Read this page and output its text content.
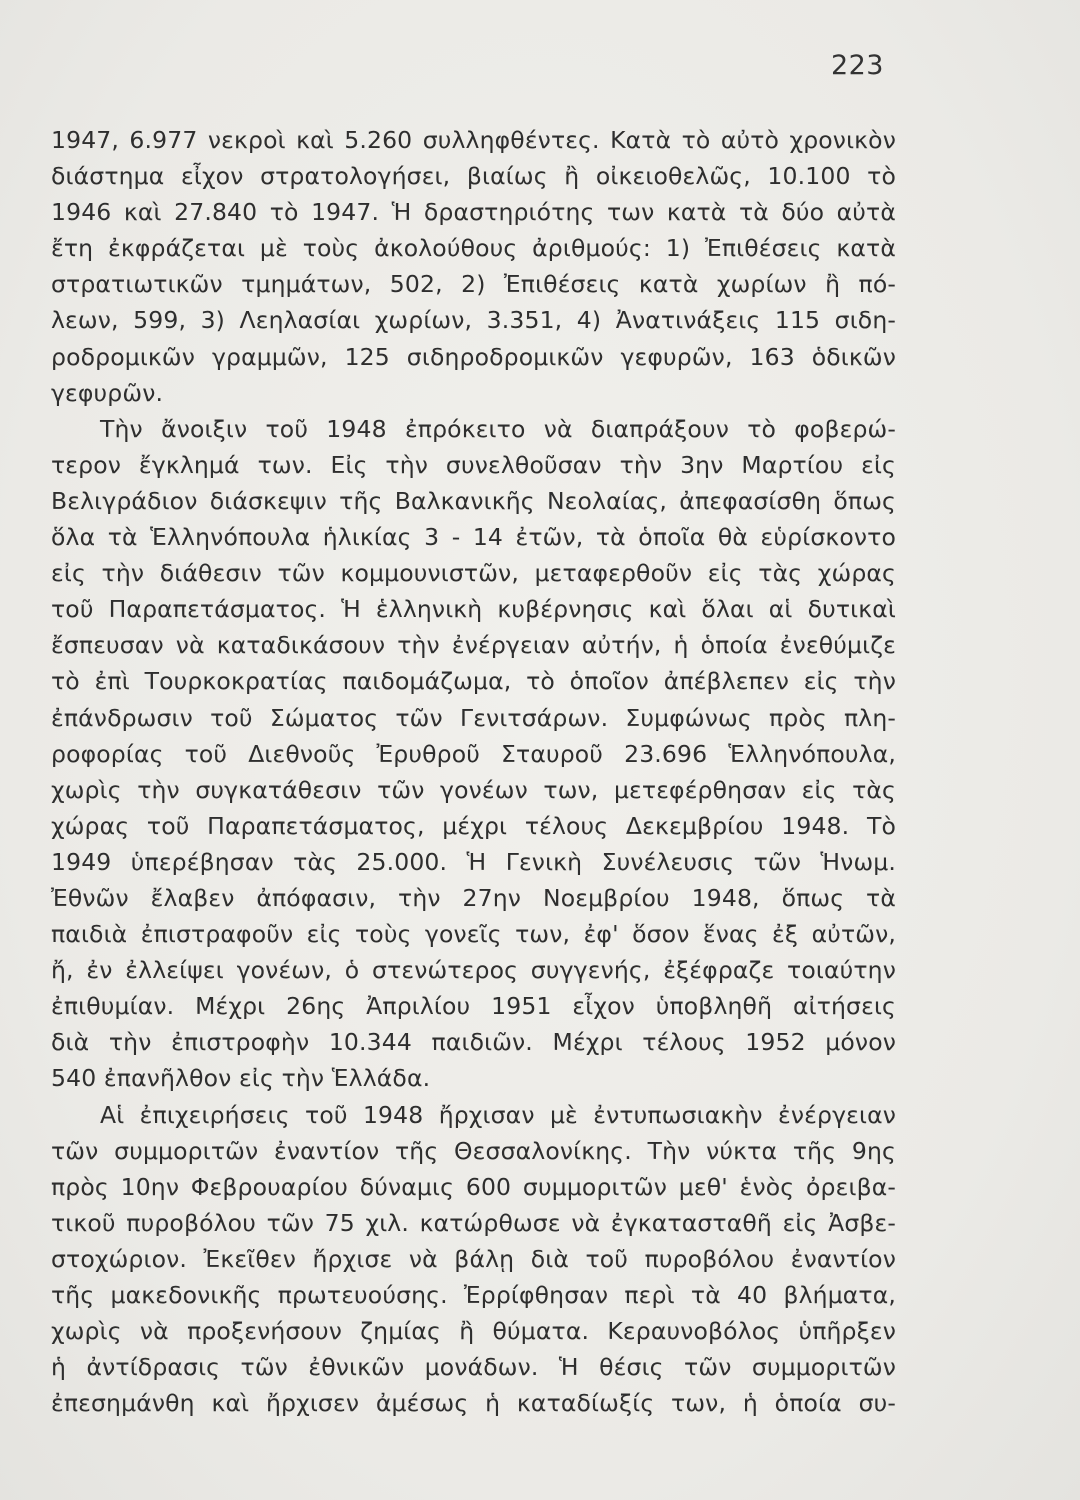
223
1947, 6.977 νεκροὶ καὶ 5.260 συλληφθέντες. Κατὰ τὸ αὐτὸ χρονικὸν
διάστημα εἶχον στρατολογήσει, βιαίως ἢ οἰκειοθελῶς, 10.100 τὸ
1946 καὶ 27.840 τὸ 1947. Ἡ δραστηριότης των κατὰ τὰ δύο αὐτὰ
ἔτη ἐκφράζεται μὲ τοὺς ἀκολούθους ἀριθμούς: 1) Ἐπιθέσεις κατὰ
στρατιωτικῶν τμημάτων, 502, 2) Ἐπιθέσεις κατὰ χωρίων ἢ πό-
λεων, 599, 3) Λεηλασίαι χωρίων, 3.351, 4) Ἀνατινάξεις 115 σιδη-
ροδρομικῶν γραμμῶν, 125 σιδηροδρομικῶν γεφυρῶν, 163 ὁδικῶν
γεφυρῶν.
Τὴν ἄνοιξιν τοῦ 1948 ἐπρόκειτο νὰ διαπράξουν τὸ φοβερώ-
τερον ἔγκλημά των. Εἰς τὴν συνελθοῦσαν τὴν 3ην Μαρτίου εἰς
Βελιγράδιον διάσκεψιν τῆς Βαλκανικῆς Νεολαίας, ἀπεφασίσθη ὅπως
ὅλα τὰ Ἑλληνόπουλα ἡλικίας 3 - 14 ἐτῶν, τὰ ὁποῖα θὰ εὑρίσκοντο
εἰς τὴν διάθεσιν τῶν κομμουνιστῶν, μεταφερθοῦν εἰς τὰς χώρας
τοῦ Παραπετάσματος. Ἡ ἑλληνικὴ κυβέρνησις καὶ ὅλαι αἱ δυτικαὶ
ἔσπευσαν νὰ καταδικάσουν τὴν ἐνέργειαν αὐτήν, ἡ ὁποία ἐνεθύμιζε
τὸ ἐπὶ Τουρκοκρατίας παιδομάζωμα, τὸ ὁποῖον ἀπέβλεπεν εἰς τὴν
ἐπάνδρωσιν τοῦ Σώματος τῶν Γενιτσάρων. Συμφώνως πρὸς πλη-
ροφορίας τοῦ Διεθνοῦς Ἐρυθροῦ Σταυροῦ 23.696 Ἑλληνόπουλα,
χωρὶς τὴν συγκατάθεσιν τῶν γονέων των, μετεφέρθησαν εἰς τὰς
χώρας τοῦ Παραπετάσματος, μέχρι τέλους Δεκεμβρίου 1948. Τὸ
1949 ὑπερέβησαν τὰς 25.000. Ἡ Γενικὴ Συνέλευσις τῶν Ἡνωμ.
Ἐθνῶν ἔλαβεν ἀπόφασιν, τὴν 27ην Νοεμβρίου 1948, ὅπως τὰ
παιδιὰ ἐπιστραφοῦν εἰς τοὺς γονεῖς των, ἐφ' ὅσον ἕνας ἐξ αὐτῶν,
ἤ, ἐν ἐλλείψει γονέων, ὁ στενώτερος συγγενής, ἐξέφραζε τοιαύτην
ἐπιθυμίαν. Μέχρι 26ης Ἀπριλίου 1951 εἶχον ὑποβληθῆ αἰτήσεις
διὰ τὴν ἐπιστροφὴν 10.344 παιδιῶν. Μέχρι τέλους 1952 μόνον
540 ἐπανῆλθον εἰς τὴν Ἑλλάδα.
Αἱ ἐπιχειρήσεις τοῦ 1948 ἤρχισαν μὲ ἐντυπωσιακὴν ἐνέργειαν
τῶν συμμοριτῶν ἐναντίον τῆς Θεσσαλονίκης. Τὴν νύκτα τῆς 9ης
πρὸς 10ην Φεβρουαρίου δύναμις 600 συμμοριτῶν μεθ' ἑνὸς ὀρειβα-
τικοῦ πυροβόλου τῶν 75 χιλ. κατώρθωσε νὰ ἐγκατασταθῆ εἰς Ἀσβε-
στοχώριον. Ἐκεῖθεν ἤρχισε νὰ βάλῃ διὰ τοῦ πυροβόλου ἐναντίον
τῆς μακεδονικῆς πρωτευούσης. Ἐρρίφθησαν περὶ τὰ 40 βλήματα,
χωρὶς νὰ προξενήσουν ζημίας ἢ θύματα. Κεραυνοβόλος ὑπῆρξεν
ἡ ἀντίδρασις τῶν ἐθνικῶν μονάδων. Ἡ θέσις τῶν συμμοριτῶν
ἐπεσημάνθη καὶ ἤρχισεν ἀμέσως ἡ καταδίωξίς των, ἡ ὁποία συ-
